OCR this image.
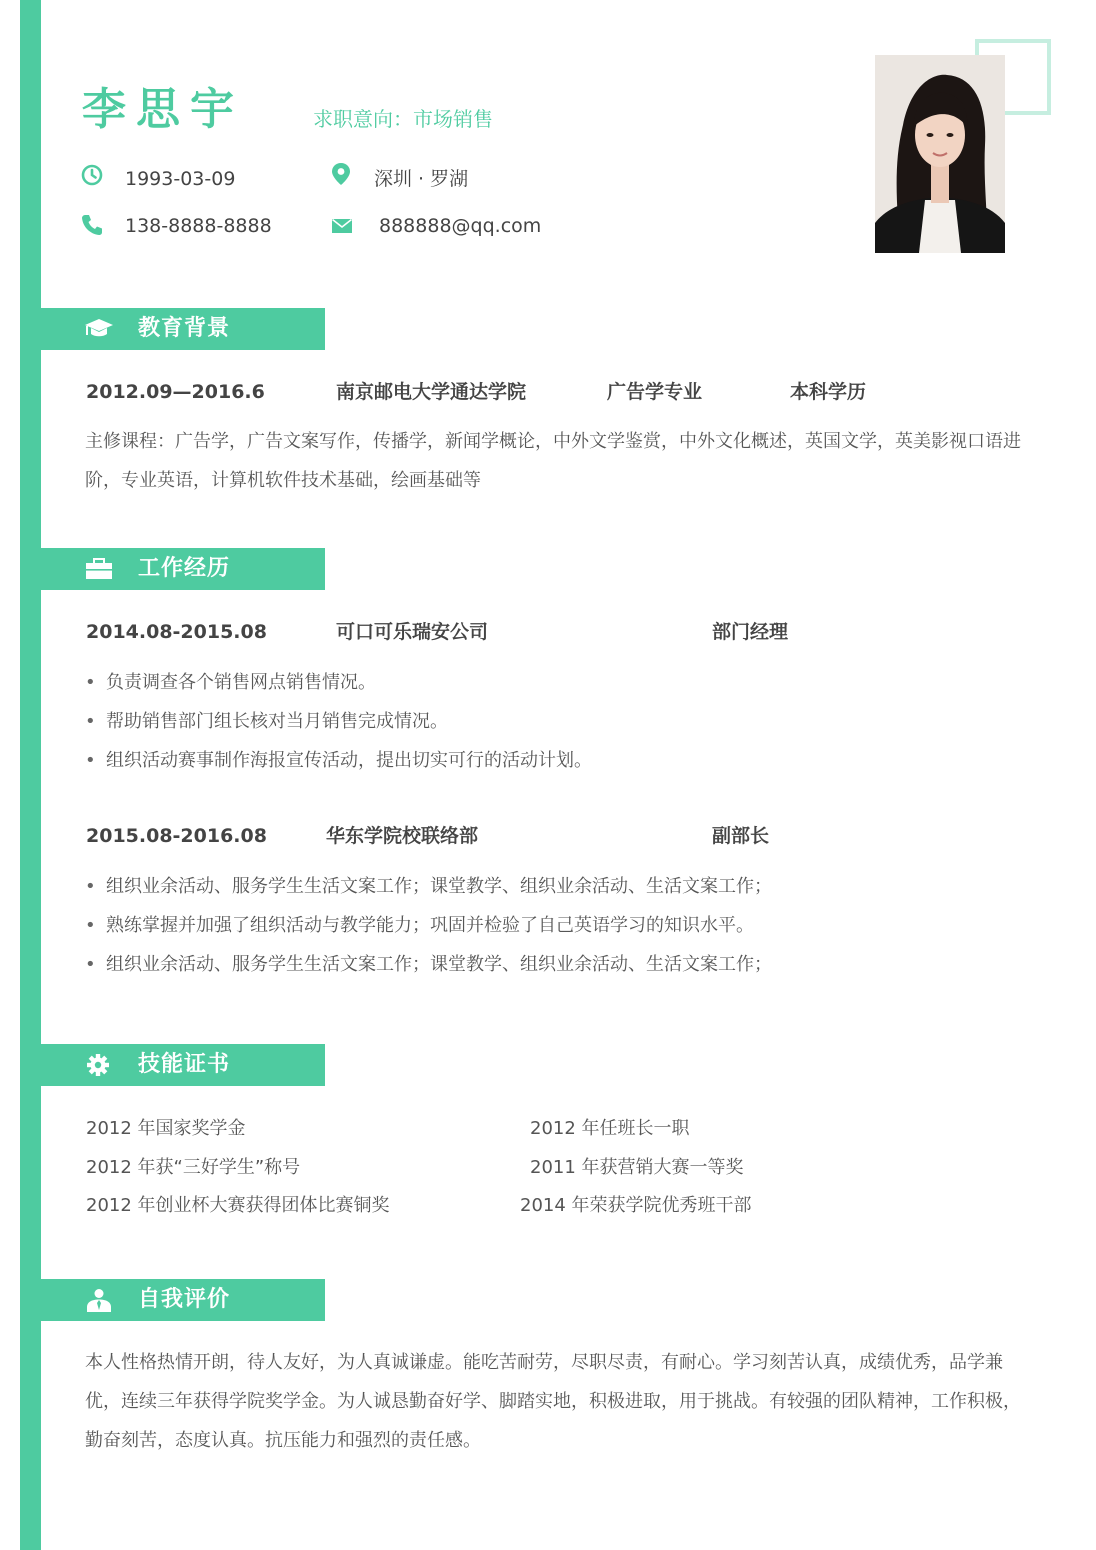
李思宇	求职意向：市场销售
1993-03-09	深圳 · 罗湖
138-8888-8888	888888@qq.com
教育背景
2012.09—2016.6	南京邮电大学通达学院	广告学专业	本科学历

主修课程：广告学，广告文案写作，传播学，新闻学概论，中外文学鉴赏，中外文化概述，英国文学，英美影视口语进阶，专业英语，计算机软件技术基础，绘画基础等

工作经历
2014.08-2015.08	可口可乐瑞安公司	部门经理
• 负责调查各个销售网点销售情况。
• 帮助销售部门组长核对当月销售完成情况。
• 组织活动赛事制作海报宣传活动，提出切实可行的活动计划。
2015.08-2016.08	华东学院校联络部	副部长
• 组织业余活动、服务学生生活文案工作；课堂教学、组织业余活动、生活文案工作；
• 熟练掌握并加强了组织活动与教学能力；巩固并检验了自己英语学习的知识水平。
• 组织业余活动、服务学生生活文案工作；课堂教学、组织业余活动、生活文案工作；
技能证书
2012 年国家奖学金	2012 年任班长一职
2012 年获“三好学生”称号	2011 年获营销大赛一等奖
2012 年创业杯大赛获得团体比赛铜奖	2014 年荣获学院优秀班干部
自我评价

本人性格热情开朗，待人友好，为人真诚谦虚。能吃苦耐劳，尽职尽责，有耐心。学习刻苦认真，成绩优秀，品学兼优，连续三年获得学院奖学金。为人诚恳勤奋好学、脚踏实地，积极进取，用于挑战。有较强的团队精神，工作积极，勤奋刻苦，态度认真。抗压能力和强烈的责任感。
